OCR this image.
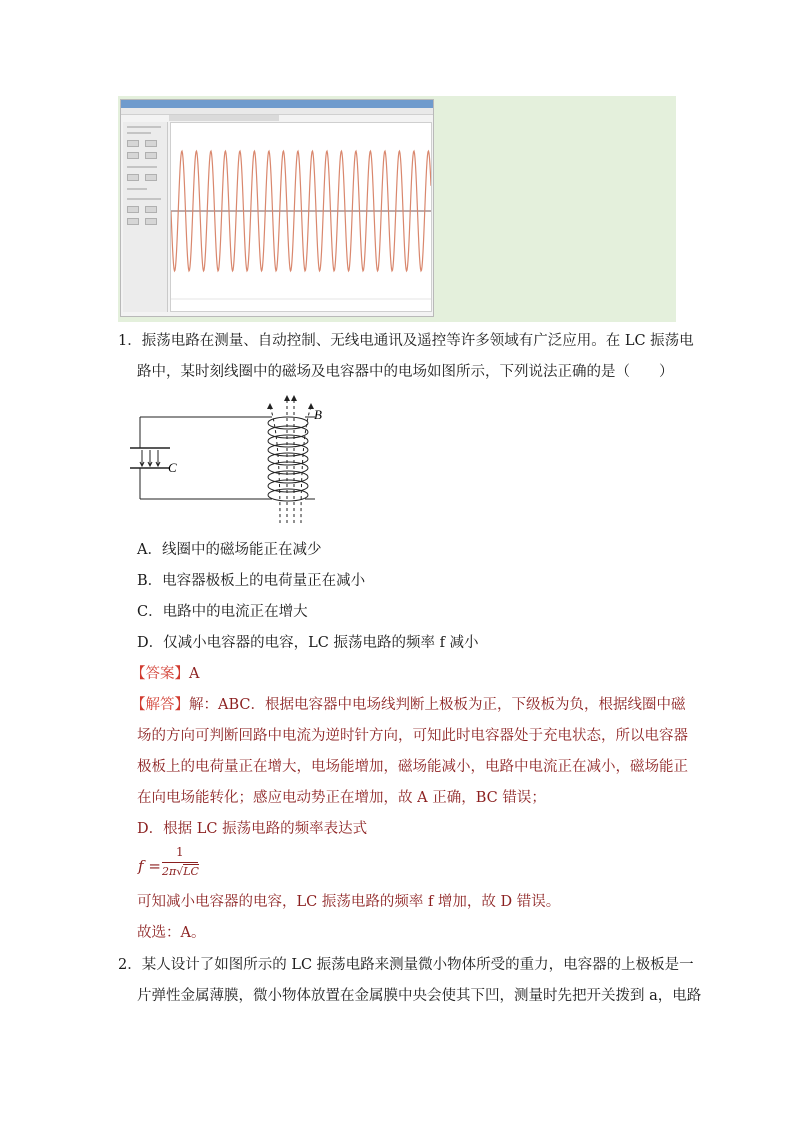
1．振荡电路在测量、自动控制、无线电通讯及遥控等许多领域有广泛应用。在 LC 振荡电
路中，某时刻线圈中的磁场及电容器中的电场如图所示，下列说法正确的是（　　）
C
B
A．线圈中的磁场能正在减少
B．电容器极板上的电荷量正在减小
C．电路中的电流正在增大
D．仅减小电容器的电容，LC 振荡电路的频率 f 减小
【答案】A
【解答】解：ABC．根据电容器中电场线判断上极板为正，下级板为负，根据线圈中磁
场的方向可判断回路中电流为逆时针方向，可知此时电容器处于充电状态，所以电容器
极板上的电荷量正在增大，电场能增加，磁场能减小，电路中电流正在减小，磁场能正
在向电场能转化；感应电动势正在增加，故 A 正确，BC 错误；
D．根据 LC 振荡电路的频率表达式
f =
1
2π√LC
可知减小电容器的电容，LC 振荡电路的频率 f 增加，故 D 错误。
故选：A。
2．某人设计了如图所示的 LC 振荡电路来测量微小物体所受的重力，电容器的上极板是一
片弹性金属薄膜，微小物体放置在金属膜中央会使其下凹，测量时先把开关拨到 a，电路
